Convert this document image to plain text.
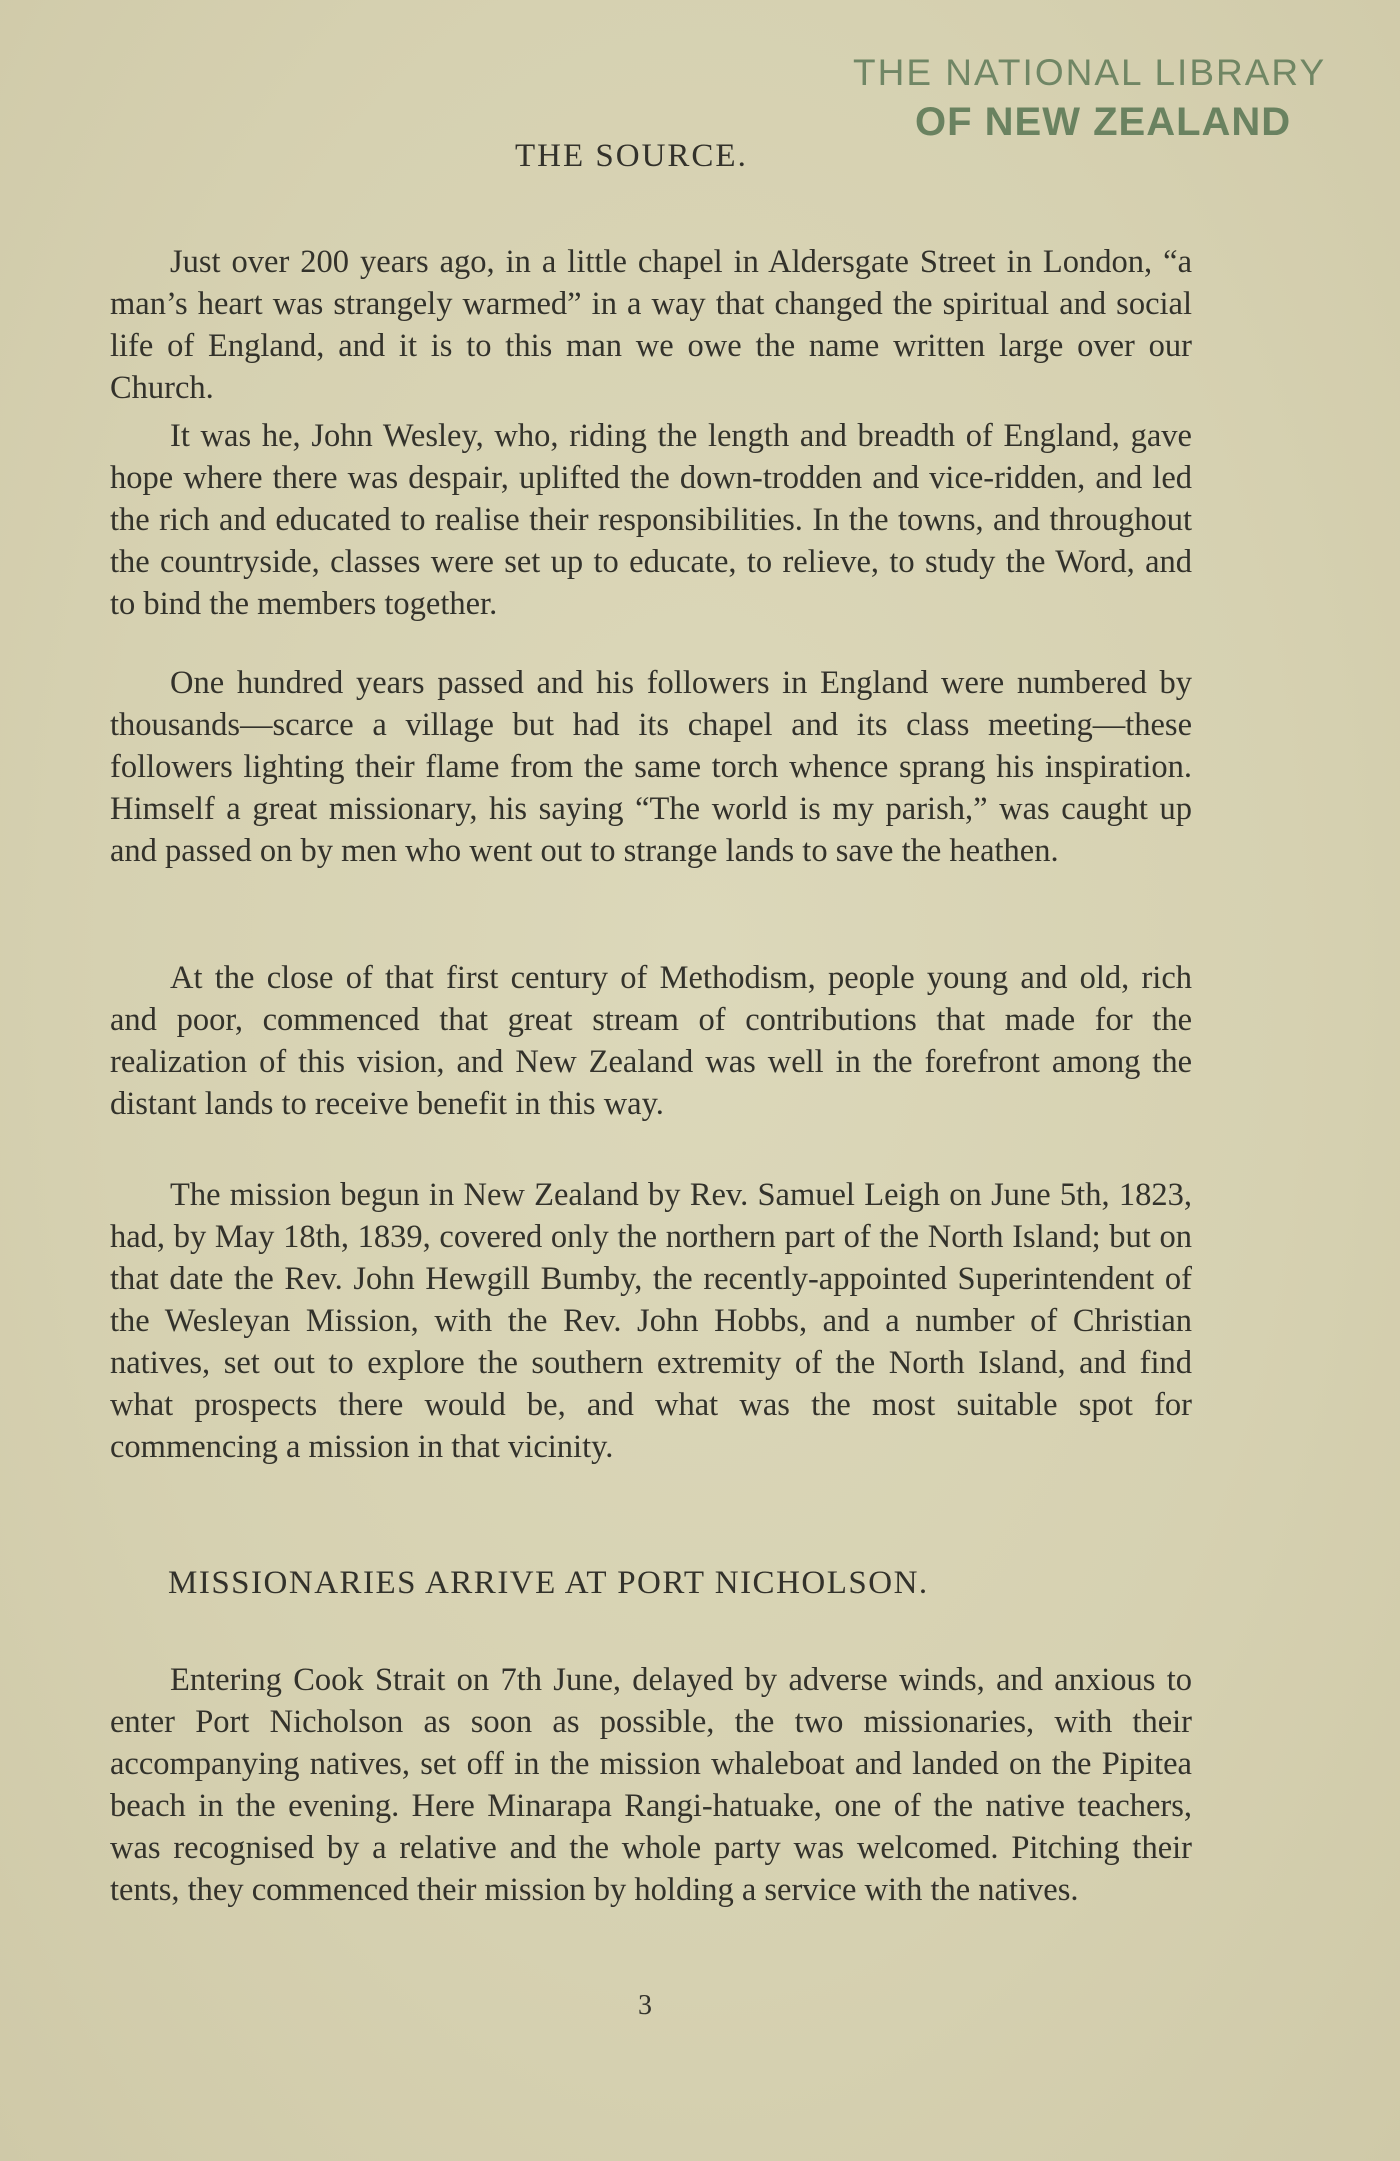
THE NATIONAL LIBRARY
OF NEW ZEALAND
THE SOURCE.

Just over 200 years ago, in a little chapel in Aldersgate Street in London, “a man’s heart was strangely warmed” in a way that changed the spiritual and social life of England, and it is to this man we owe the name written large over our Church.

It was he, John Wesley, who, riding the length and breadth of England, gave hope where there was despair, uplifted the down-trodden and vice-ridden, and led the rich and educated to realise their responsibilities. In the towns, and throughout the countryside, classes were set up to educate, to relieve, to study the Word, and to bind the members together.

One hundred years passed and his followers in England were numbered by thousands—scarce a village but had its chapel and its class meeting—these followers lighting their flame from the same torch whence sprang his inspiration. Himself a great missionary, his saying “The world is my parish,” was caught up and passed on by men who went out to strange lands to save the heathen.

At the close of that first century of Methodism, people young and old, rich and poor, commenced that great stream of contributions that made for the realization of this vision, and New Zealand was well in the forefront among the distant lands to receive benefit in this way.

The mission begun in New Zealand by Rev. Samuel Leigh on June 5th, 1823, had, by May 18th, 1839, covered only the northern part of the North Island; but on that date the Rev. John Hewgill Bumby, the recently-appointed Superintendent of the Wesleyan Mission, with the Rev. John Hobbs, and a number of Christian natives, set out to explore the southern extremity of the North Island, and find what prospects there would be, and what was the most suitable spot for commencing a mission in that vicinity.

MISSIONARIES ARRIVE AT PORT NICHOLSON.

Entering Cook Strait on 7th June, delayed by adverse winds, and anxious to enter Port Nicholson as soon as possible, the two missionaries, with their accompanying natives, set off in the mission whaleboat and landed on the Pipitea beach in the evening. Here Minarapa Rangi-hatuake, one of the native teachers, was recognised by a relative and the whole party was welcomed. Pitching their tents, they commenced their mission by holding a service with the natives.

3
